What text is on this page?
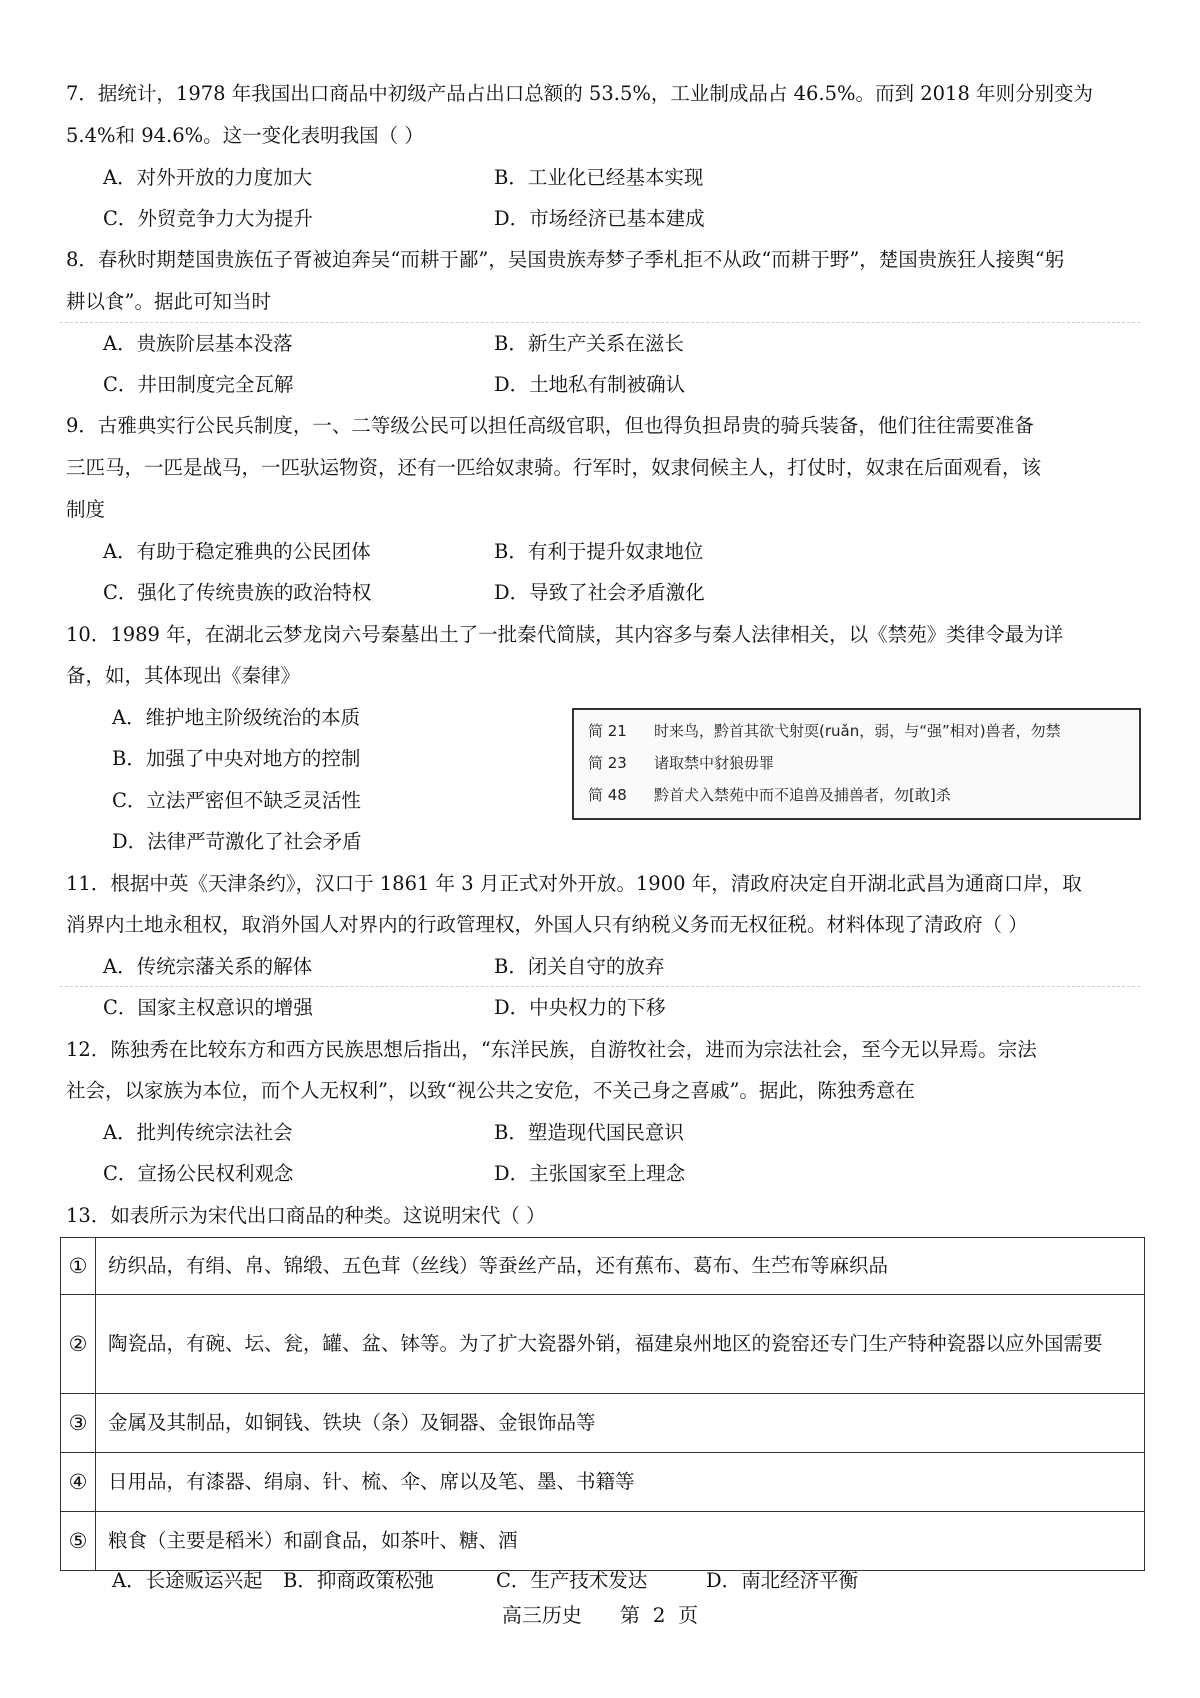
7．据统计，1978 年我国出口商品中初级产品占出口总额的 53.5%，工业制成品占 46.5%。而到 2018 年则分别变为
5.4%和 94.6%。这一变化表明我国（ ）
A．对外开放的力度加大	B．工业化已经基本实现
C．外贸竞争力大为提升	D．市场经济已基本建成
8．春秋时期楚国贵族伍子胥被迫奔吴“而耕于鄙”，吴国贵族寿梦子季札拒不从政“而耕于野”，楚国贵族狂人接舆“躬
耕以食”。据此可知当时
A．贵族阶层基本没落	B．新生产关系在滋长
C．井田制度完全瓦解	D．土地私有制被确认
9．古雅典实行公民兵制度，一、二等级公民可以担任高级官职，但也得负担昂贵的骑兵装备，他们往往需要准备
三匹马，一匹是战马，一匹驮运物资，还有一匹给奴隶骑。行军时，奴隶伺候主人，打仗时，奴隶在后面观看，该
制度
A．有助于稳定雅典的公民团体	B．有利于提升奴隶地位
C．强化了传统贵族的政治特权	D．导致了社会矛盾激化
10．1989 年，在湖北云梦龙岗六号秦墓出土了一批秦代简牍，其内容多与秦人法律相关，以《禁苑》类律令最为详
备，如，其体现出《秦律》
A．维护地主阶级统治的本质
B．加强了中央对地方的控制
C．立法严密但不缺乏灵活性
D．法律严苛激化了社会矛盾
简 21 时来鸟，黔首其欲弋射耎(ruǎn，弱，与“强”相对)兽者，勿禁
简 23 诸取禁中豺狼毋罪
简 48 黔首犬入禁苑中而不追兽及捕兽者，勿[敢]杀
11．根据中英《天津条约》，汉口于 1861 年 3 月正式对外开放。1900 年，清政府决定自开湖北武昌为通商口岸，取
消界内土地永租权，取消外国人对界内的行政管理权，外国人只有纳税义务而无权征税。材料体现了清政府（ ）
A．传统宗藩关系的解体	B．闭关自守的放弃
C．国家主权意识的增强	D．中央权力的下移
12．陈独秀在比较东方和西方民族思想后指出，“东洋民族，自游牧社会，进而为宗法社会，至今无以异焉。宗法
社会，以家族为本位，而个人无权利”，以致“视公共之安危，不关己身之喜戚”。据此，陈独秀意在
A．批判传统宗法社会	B．塑造现代国民意识
C．宣扬公民权利观念	D．主张国家至上理念
13．如表所示为宋代出口商品的种类。这说明宋代（ ）
①	纺织品，有绢、帛、锦缎、五色茸（丝线）等蚕丝产品，还有蕉布、葛布、生苎布等麻织品
②	陶瓷品，有碗、坛、瓮，罐、盆、钵等。为了扩大瓷器外销，福建泉州地区的瓷窑还专门生产特种瓷器以应外国需要
③	金属及其制品，如铜钱、铁块（条）及铜器、金银饰品等
④	日用品，有漆器、绢扇、针、梳、伞、席以及笔、墨、书籍等
⑤	粮食（主要是稻米）和副食品，如茶叶、糖、酒
A．长途贩运兴起 B．抑商政策松弛	C．生产技术发达	D．南北经济平衡
高三历史      第  2  页
